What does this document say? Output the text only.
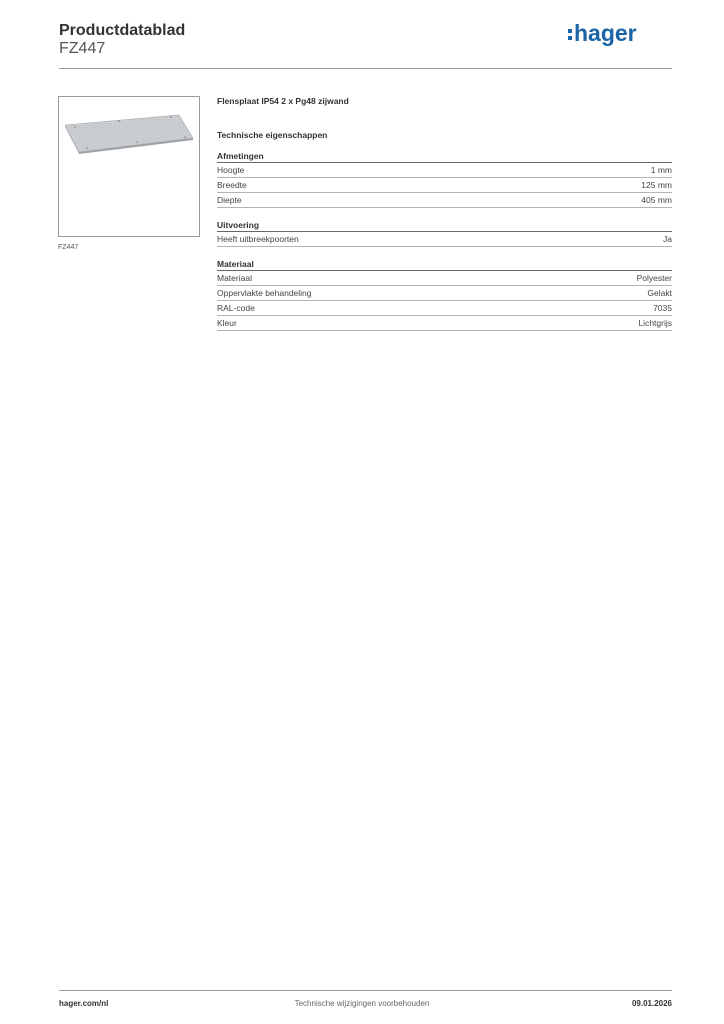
Productdatablad
FZ447
hager
FZ447
Flensplaat IP54 2 x Pg48 zijwand
Technische eigenschappen
Afmetingen
Hoogte	1 mm
Breedte	125 mm
Diepte	405 mm
Uitvoering
Heeft uitbreekpoorten	Ja
Materiaal
Materiaal	Polyester
Oppervlakte behandeling	Gelakt
RAL-code	7035
Kleur	Lichtgrijs
Technische wijzigingen voorbehouden
hager.com/nl	09.01.2026
